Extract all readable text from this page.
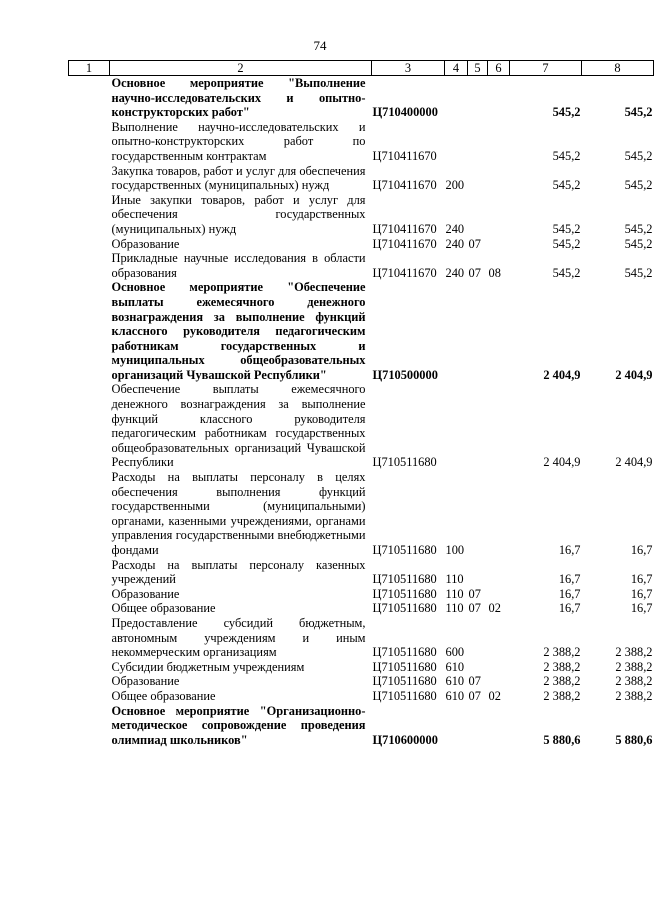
74
1	2	3	4	5	6	7	8
	Основное мероприятие "Выполнение научно-исследовательских и опытно-конструкторских работ"	Ц710400000				545,2	545,2
	Выполнение научно-исследовательских и опытно-конструкторских работ по государственным контрактам	Ц710411670				545,2	545,2
	Закупка товаров, работ и услуг для обеспечения государственных (муниципальных) нужд	Ц710411670	200			545,2	545,2
	Иные закупки товаров, работ и услуг для обеспечения государственных (муниципальных) нужд	Ц710411670	240			545,2	545,2
	Образование	Ц710411670	240	07		545,2	545,2
	Прикладные научные исследования в области образования	Ц710411670	240	07	08	545,2	545,2
	Основное мероприятие "Обеспечение выплаты ежемесячного денежного вознаграждения за выполнение функций классного руководителя педагогическим работникам государственных и муниципальных общеобразовательных организаций Чувашской Республики"	Ц710500000				2 404,9	2 404,9
	Обеспечение выплаты ежемесячного денежного вознаграждения за выполнение функций классного руководителя педагогическим работникам государственных общеобразовательных организаций Чувашской Республики	Ц710511680				2 404,9	2 404,9
	Расходы на выплаты персоналу в целях обеспечения выполнения функций государственными (муниципальными) органами, казенными учреждениями, органами управления государственными внебюджетными фондами	Ц710511680	100			16,7	16,7
	Расходы на выплаты персоналу казенных учреждений	Ц710511680	110			16,7	16,7
	Образование	Ц710511680	110	07		16,7	16,7
	Общее образование	Ц710511680	110	07	02	16,7	16,7
	Предоставление субсидий бюджетным, автономным учреждениям и иным некоммерческим организациям	Ц710511680	600			2 388,2	2 388,2
	Субсидии бюджетным учреждениям	Ц710511680	610			2 388,2	2 388,2
	Образование	Ц710511680	610	07		2 388,2	2 388,2
	Общее образование	Ц710511680	610	07	02	2 388,2	2 388,2
	Основное мероприятие "Организационно-методическое сопровождение проведения олимпиад школьников"	Ц710600000				5 880,6	5 880,6
